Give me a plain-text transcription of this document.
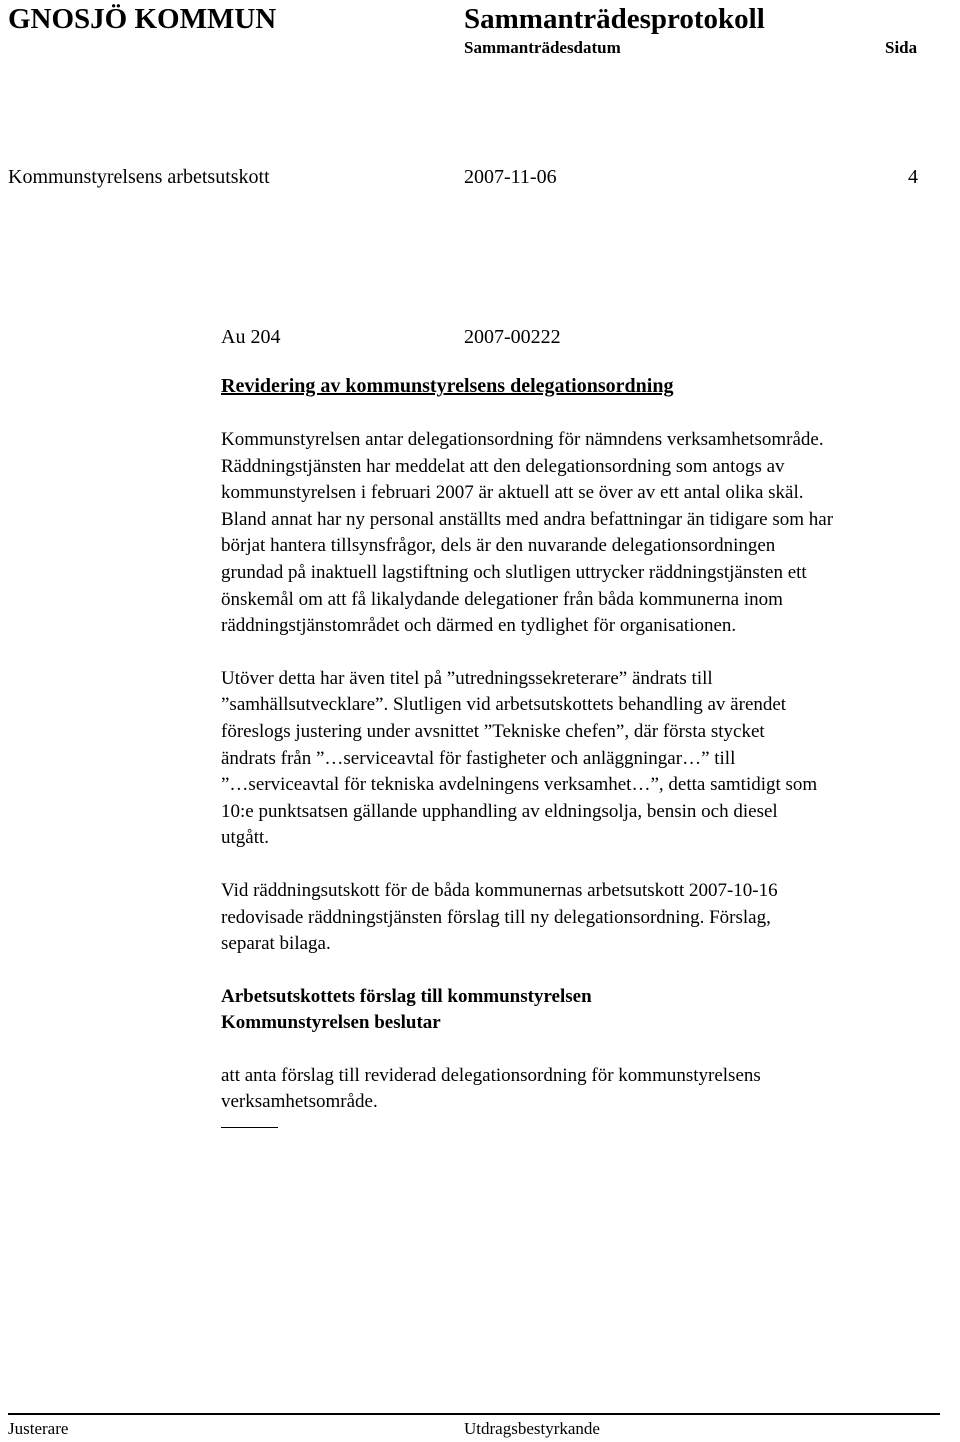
GNOSJÖ KOMMUN	Sammanträdesprotokoll
Sammanträdesdatum	Sida
Kommunstyrelsens arbetsutskott	2007-11-06	4
Au 204	2007-00222
Revidering av kommunstyrelsens delegationsordning

Kommunstyrelsen antar delegationsordning för nämndens verksamhetsområde.

Räddningstjänsten har meddelat att den delegationsordning som antogs av

kommunstyrelsen i februari 2007 är aktuell att se över av ett antal olika skäl.

Bland annat har ny personal anställts med andra befattningar än tidigare som har

börjat hantera tillsynsfrågor, dels är den nuvarande delegationsordningen

grundad på inaktuell lagstiftning och slutligen uttrycker räddningstjänsten ett

önskemål om att få likalydande delegationer från båda kommunerna inom

räddningstjänstområdet och därmed en tydlighet för organisationen.

Utöver detta har även titel på ”utredningssekreterare” ändrats till

”samhällsutvecklare”. Slutligen vid arbetsutskottets behandling av ärendet

föreslogs justering under avsnittet ”Tekniske chefen”, där första stycket

ändrats från ”…serviceavtal för fastigheter och anläggningar…” till

”…serviceavtal för tekniska avdelningens verksamhet…”, detta samtidigt som

10:e punktsatsen gällande upphandling av eldningsolja, bensin och diesel

utgått.

Vid räddningsutskott för de båda kommunernas arbetsutskott 2007-10-16

redovisade räddningstjänsten förslag till ny delegationsordning. Förslag,

separat bilaga.

Arbetsutskottets förslag till kommunstyrelsen

Kommunstyrelsen beslutar

att anta förslag till reviderad delegationsordning för kommunstyrelsens

verksamhetsområde.

Justerare	Utdragsbestyrkande
